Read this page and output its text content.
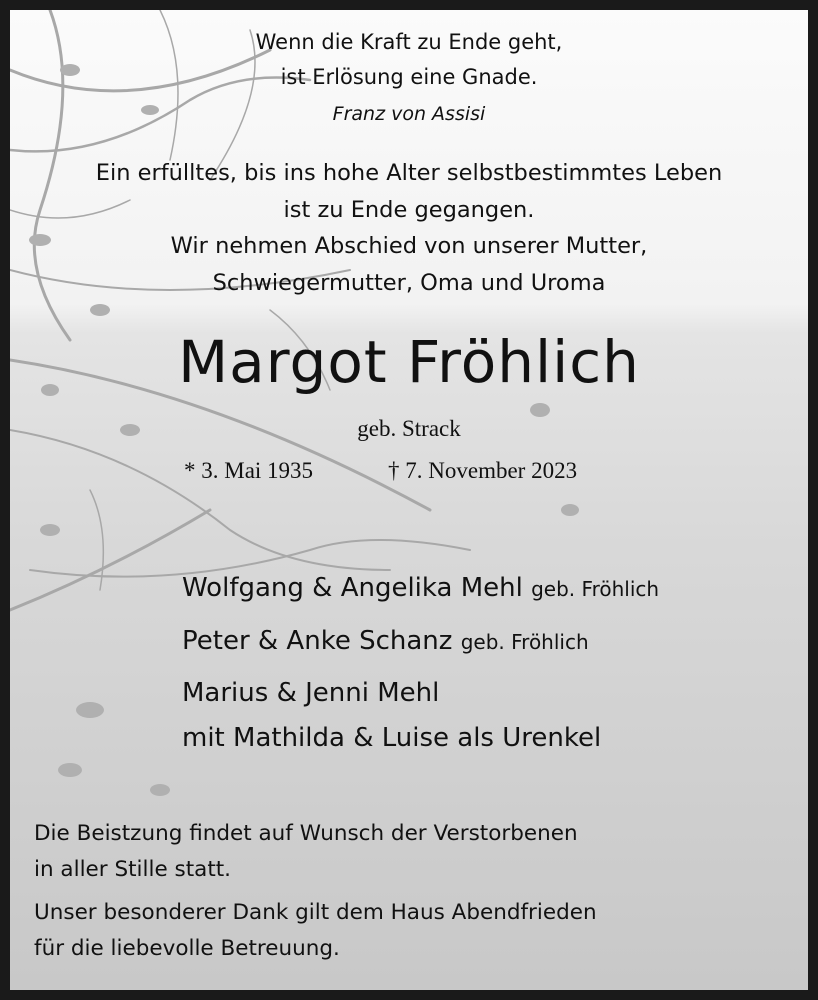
Wenn die Kraft zu Ende geht,
ist Erlösung eine Gnade.
Franz von Assisi
Ein erfülltes, bis ins hohe Alter selbstbestimmtes Leben
ist zu Ende gegangen.
Wir nehmen Abschied von unserer Mutter,
Schwiegermutter, Oma und Uroma
Margot Fröhlich
geb. Strack
* 3. Mai 1935	† 7. November 2023
Wolfgang & Angelika Mehl geb. Fröhlich
Peter & Anke Schanz geb. Fröhlich
Marius & Jenni Mehl
mit Mathilda & Luise als Urenkel
Die Beistzung findet auf Wunsch der Verstorbenen
in aller Stille statt.
Unser besonderer Dank gilt dem Haus Abendfrieden
für die liebevolle Betreuung.
